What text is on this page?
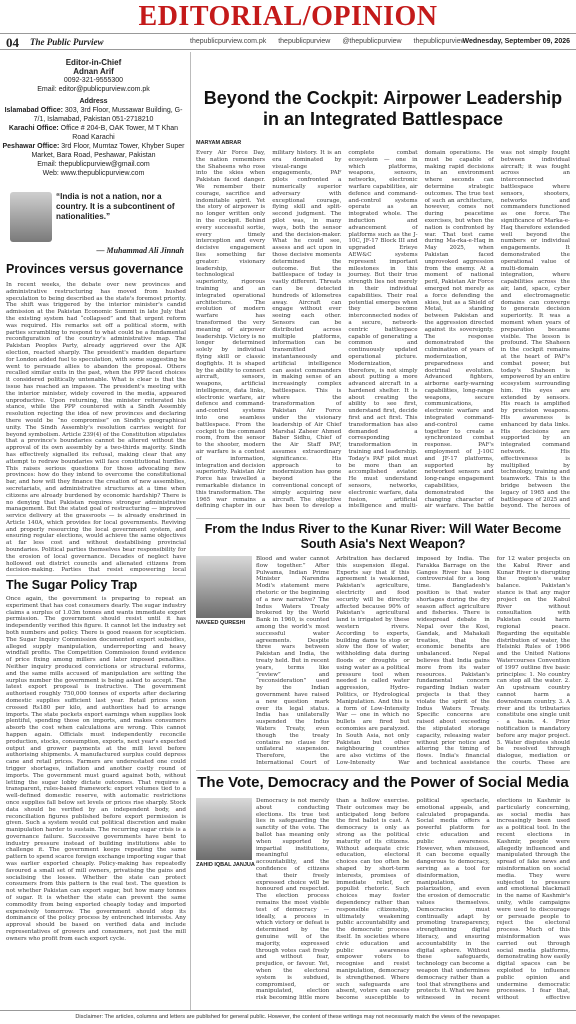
EDITORIAL/OPINION
04 The Public Purview	thepublicpurview.com.pk thepublicpurview @thepublicpurview thepublicpurview
Wednesday, September 09, 2026
Editor-in-Chief
Adnan Arif
0092-321-9555300
Email: editor@publicpurview.com.pk
Address
Islamabad Office: 303, 3rd Floor, Mussawar Building, G-7/1, Islamabad, Pakistan 051-2718210
Karachi Office: Office # 204-B, OAK Tower, M T Khan Road Karachi
Peshawar Office: 3rd Floor, Mumtaz Tower, Khyber Super Market, Bara Road, Peshawar, Pakistan
Email: thepublicpurview@gmail.com
Web: www.thepublicpurview.com
“India is not a nation, nor a country. It is a subcontinent of nationalities.”
— Muhammad Ali Jinnah
Provinces versus governance
In recent weeks, the debate over new provinces and administrative restructuring has moved from hushed speculation to being described as the state's foremost priority. The shift was triggered by the interior minister's candid admission at the Pakistan Economic Summit in late July that the existing system had “collapsed” and that urgent reform was required. His remarks set off a political storm, with parties scrambling to respond to what could be a fundamental reconfiguration of the country's administrative map. The Pakistan Peoples Party, already aggrieved over the AJK election, reacted sharply. The president's madden departure for London added fuel to speculation, with some suggesting he went to persuade allies to abandon the proposal. Others recalled similar exits in the past, when the PPP faced choices it considered politically untenable. What is clear is that the issue has reached an impasse. The president's meeting with the interior minister, widely covered in the media, appeared unproductive. Upon returning, the minister reiterated his stance, while the PPP countered with a Sindh Assembly resolution rejecting the idea of new provinces and declaring there would be “no compromise” on Sindh's geographical unity. The Sindh Assembly's resolution carries weight for beyond symbolism. Article 239(4) of the Constitution stipulates that a province's boundaries cannot be altered without the approval of its own assembly by a two-thirds majority. Sindh has effectively signalled its refusal, making clear that any attempt to redraw boundaries will face constitutional hurdles. This raises serious questions for those advocating new provinces: how do they intend to overcome the constitutional bar, and how will they finance the creation of new assemblies, secretariats, and administrative structures at a time when citizens are already burdened by economic hardship? There is no denying that Pakistan requires stronger administrative management. But the stated goal of restructuring — improved service delivery at the grassroots — is already enshrined in Article 140A, which provides for local governments. Reviving and properly resourcing the local government system, and ensuring regular elections, would achieve the same objectives at far less cost and without destabilising provincial boundaries. Political parties themselves bear responsibility for the erosion of local governance. Decades of neglect have hollowed out district councils and alienated citizens from decision-making. Parties that resist empowering local
The Sugar Policy Trap
Once again, the government is preparing to repeat an experiment that has cost consumers dearly. The sugar industry claims a surplus of 1.03m tonnes and wants immediate export permission. The government should resist until it has independently verified this figure. It cannot let the industry set both numbers and policy. There is good reason for scepticism. The Sugar Inquiry Commission documented export subsidies, alleged supply manipulation, underreporting and heavy windfall profits. The Competition Commission found evidence of price fixing among millers and later imposed penalties. Neither inquiry produced convictions or structural reforms, and the same mills accused of manipulation are setting the surplus number the government is being asked to accept. The latest export proposal is instructive. The government authorised roughly 750,000 tonnes of exports after declaring domestic supplies sufficient last year. Retail prices soon crossed Rs180 per kilo, and authorities had to arrange imports. The state pockets export earnings when supplies look plentiful, spending those on imports, and makes consumers absorb the cost when calculations are wrong. This cannot happen again. Officials must independently reconcile production, stocks, consumption, exports, next year's expected output and grower payments at the mill level before authorising shipments. A manufactured surplus could depress cane and retail prices. Farmers are underestated one could trigger shortages, inflation and another costly round of imports. The government must guard against both, without letting the sugar lobby dictate outcomes. That requires a transparent, rules-based framework: export volumes tied to a well-defined domestic reserve, with automatic restrictions once supplies fall below set levels or prices rise sharply. Stock data should be verified by an independent body, and reconciliation figures published before export permission is given. Such a system would cut political discretion and make manipulation harder to sustain. The recurring sugar crisis is a governance failure. Successive governments have bent to industry pressure instead of building institutions able to challenge it. The government keeps repeating the same pattern to spend scarce foreign exchange importing sugar that was earlier exported cheaply. Policy-making has repeatedly favoured a small set of mill owners, privatising the gains and socialising the losses. Whether the state can protect consumers from this pattern is the real test. The question is not whether Pakistan can export sugar, but how many tonnes of sugar. It is whether the state can prevent the same commodity from being exported cheaply today and imported expensively tomorrow. The government should stop its dominance of the policy process by entrenched interests. Any approval should be based on verified data and include representatives of growers and consumers, not just the mill owners who profit from each export cycle.
Beyond the Cockpit: Airpower Leadership in an Integrated Battlespace
MARYAM ABRAR
Every Air Force Day, the nation remembers the Shaheens who rose into the skies when Pakistan faced danger. We remember their courage, sacrifice and indomitable spirit. Yet the story of airpower is no longer written only in the cockpit. Behind every successful sortie, every timely interception and every decisive engagement lies something far greater: visionary leadership, technological superiority, rigorous training and an integrated operational architecture. The evolution of modern warfare has transformed the very meaning of airpower leadership. Victory is no longer determined solely by individual flying skill or classic dogfights. It is shaped by the ability to connect aircraft, sensors, weapons, artificial intelligence, data links, electronic warfare, air defence and command-and-control systems into one seamless battlespace. From the cockpit to the command room, from the sensor to the shooter, modern air warfare is a contest of information, integration and decision superiority. Pakistan Air Force has travelled a remarkable distance in this transformation. The 1965 war remains a defining chapter in our military history. It is an era dominated by visual-range engagements, PAF pilots confronted a numerically superior adversary with exceptional courage, flying skill and split-second judgment. The pilot was, in many ways, both the sensor and the decision-maker. What he could see, assess and act upon in those decisive moments determined the outcome. But the battlespace of today is vastly different. Threats can be detected hundreds of kilometres away. Aircraft can engage without ever seeing each other. Sensors can be distributed across multiple platforms, information can be transmitted instantaneously and artificial intelligence can assist commanders in making sense of an increasingly complex battlespace. This is where the transformation of Pakistan Air Force under the visionary leadership of Air Chief Marshal Zaheer Ahmed Baber Sidhu, Chief of the Air Staff PAF, assumes extraordinary significance. His approach to modernization has gone beyond the conventional concept of simply acquiring new aircraft. The objective has been to develop a complete combat ecosystem — one in which platforms, weapons, sensors, networks, electronic warfare capabilities, air defence and command-and-control systems operate as an integrated whole. The induction and advancement of platforms such as the J-10C, JF-17 Block III and upgraded Erieye AEW&C systems represent important milestones in this journey. But their true strength lies not merely in their individual capabilities. Their real potential emerges when they become interconnected nodes of a secure, network-centric battlespace capable of generating a common and continuously updated operational picture. Modernization, therefore, is not simply about putting a more advanced aircraft in a hardened shelter. It is about creating the ability to see first, understand first, decide first and act first. This transformation has also demanded a corresponding transformation in training and leadership. Today's PAF pilot must be more than an accomplished aviator. He must understand sensors, networks, electronic warfare, data fusion, artificial intelligence and multi-domain operations. He must be capable of making rapid decisions in an environment where seconds can determine strategic outcomes. The true test of such an architecture, however, comes not during peacetime exercises, but when the nation is confronted by war. That test came during Ma-rka-e-Haq in May 2025, when Pakistan faced unprovoked aggression from the enemy. At a moment of national peril, Pakistan Air Force emerged not merely as a force defending the skies, but as a Shield of Metal, standing between Pakistan and the aggression directed against its sovereignty. The response demonstrated the culmination of years of modernization, preparedness and doctrinal evolution. Advanced fighters, airborne early-warning capabilities, long-range weapons, secure communications, electronic warfare and integrated command-and-control came together to create a synchronized combat response. PAF's employment of J-10C and JF-17 platforms, supported by networked sensors and long-range engagement capabilities, demonstrated the changing character of air warfare. The battle was not simply fought between individual aircraft; it was fought across an interconnected battlespace where sensors, shooters, networks and commanders functioned as one force. The significance of Marka-e-Haq therefore extended well beyond the numbers or individual engagements. It demonstrated the operational value of multi-domain integration, where capabilities across the air, land, space, cyber and electromagnetic domains can converge to generate decision superiority. It was a moment when years of preparation became visible. The lesson is profound. The Shaheen in the cockpit remains at the heart of PAF's combat power, but today's Shaheen is empowered by an entire ecosystem surrounding him. His eyes are extended by sensors. His reach is amplified by precision weapons. His awareness is enhanced by data links. His decisions are supported by an integrated command network. His effectiveness is multiplied by technology, training and teamwork. This is the bridge between the legacy of 1965 and the battlespace of 2025 and beyond. The heroes of
From the Indus River to the Kunar River: Will Water Become South Asia's Next Weapon?
NAVEED QURESHI
Blood and water cannot flow together.” After Pulwama, Indian Prime Minister Narendra Modi's statement mere rhetoric or the beginning of a new narrative? The Indus Waters Treaty brokered by the World Bank in 1960, is counted among the world's most successful water agreements. Despite three wars between Pakistan and India, the treaty held. But in recent years, terms like “review” and “reconsideration” used by the Indian government have raised a new question mark over its legal status. India has unilaterally suspended the Indus Waters Treaty, even though the treaty contains no clause for unilateral suspension. Therefore, the International Court of Arbitration has declared this suspension illegal. Experts say that if this agreement is weakened, Pakistan's agriculture, electricity and food security will be directly affected because 90% of Pakistan's agricultural land is irrigated by these western rivers. According to experts, building dams to stop or slow the flow of water, withholding data during floods or droughts or using water as a political pressure tool when needed is called water aggression, Hydro-Politics, or Hydrological Manipulation. And this is a form of Low-Intensity War — one in which no bullets are fired but economies are paralyzed. In South Asia, not only Pakistan but other neighbouring countries are also victims of the Low-Intensity War imposed by India. The Farakka Barrage on the Ganges River has been controversial for a long time. Bangladesh's position is that water shortages during the dry season affect agriculture and fisheries. There is widespread debate in Nepal over the Kosi, Gandak, and Mahakali treaties, that the economic benefits are unbalanced. Nepal believes that India gains more from its water resources. Pakistan's fundamental concern regarding Indian water projects is that they violate the spirit of the Indus Waters Treaty. Specific concerns are raised about exceeding the stipulated storage capacity, releasing water without prior notice and altering the timing of flows. India's financial and technical assistance for 12 water projects on the Kabul River and Kunar River is disrupting the region's water balance. Pakistan's stance is that any major project on the Kabul River without consultation with Pakistan could harm regional peace. Regarding the equitable distribution of water, the Helsinki Rules of 1966 and the United Nations Watercourses Convention of 1997 outline five basic principles: 1. No country can stop all the water. 2. An upstream country cannot harm a downstream country. 3. A river and its tributaries constitute one single unit - a basin. 4. Prior notification is mandatory before any major project. 5. Water disputes should be resolved through dialogue, mediation or the courts. These are
The Vote, Democracy and the Power of Social Media
ZAHID IQBAL JANJUA
Democracy is not merely about conducting elections. Its true test lies in safeguarding the sanctity of the vote. The ballot has meaning only when supported by impartial institutions, meaningful accountability, and the confidence of citizens that their freely expressed choice will be honoured and respected. The election process remains the most visible test of democracy — ideally, a process in which victory or defeat is determined by the genuine will of the majority, expressed through votes cast freely and without fear, prejudice, or favour. Yet, when the electoral system is subdued, compromised, or manipulated, election risk becoming little more than a hollow exercise. Their outcomes may be anticipated long before the first ballot is cast. A democracy is only as strong as the political maturity of its citizens. Without adequate civic education, electoral choices can too often be shaped by short-term interests, promises of immediate relief, or populist rhetoric. Such choices may foster dependency rather than responsible citizenship, ultimately weakening public accountability and the democratic process itself. In societies where civic education and public awareness empower voters to recognise and resist manipulation, democracy is strengthened. Where such safeguards are absent, voters can easily become susceptible to political spectacle, emotional appeals, and calculated propaganda. Social media offers a powerful platform for civic education and public awareness. However, when misused, it can become equally dangerous to democracy, serving as a tool for disinformation, manipulation, polarization, and even the erosion of democratic values themselves. Democracies must continually adapt by promoting transparency, strengthening digital literacy, and ensuring accountability in the digital sphere. Without these safeguards, technology can become a weapon that undermines democracy rather than a tool that strengthens and protects it. What we have witnessed in recent elections in Kashmir is particularly concerning, as social media has increasingly been used as a political tool. In the recent elections in Kashmir, people were allegedly influenced and manipulated through the spread of fake news and misinformation on social media. They were subjected to pressure and emotional blackmail in the name of Kashmir's unity, while campaigns were used to discourage or persuade people to reject the electoral process. Much of this misinformation was carried out through social media platforms, demonstrating how easily digital spaces can be exploited to influence public opinion and undermine democratic processes. I fear that, without effective
Disclaimer: The articles, columns and letters are published for general public. However, the content of these writings may not necessarily match the views of the newspaper.
